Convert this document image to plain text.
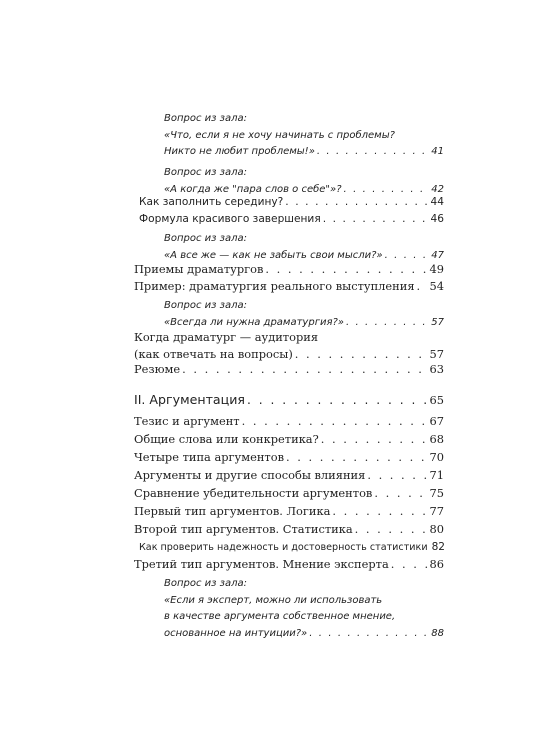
Вопрос из зала:
«Что, если я не хочу начинать с проблемы?
Никто не любит проблемы!» . . .	41
Вопрос из зала:
«А когда же "пара слов о себе"»? . . .	42
Как заполнить середину? . . .	44
Формула красивого завершения . . .	46
Вопрос из зала:
«А все же — как не забыть свои мысли?» . . .	47
Приемы драматургов . . .	49
Пример: драматургия реального выступления . . . 54
Вопрос из зала:
«Всегда ли нужна драматургия?» . . .	57
Когда драматург — аудитория
(как отвечать на вопросы) . . .	57
Резюме . . .	63
II. Аргументация . . .	65
Тезис и аргумент . . .	67
Общие слова или конкретика? . . .	68
Четыре типа аргументов . . .	70
Аргументы и другие способы влияния . . .	71
Сравнение убедительности аргументов . . .	75
Первый тип аргументов. Логика . . .	77
Второй тип аргументов. Статистика . . .	80
Как проверить надежность и достоверность статистики 82
Третий тип аргументов. Мнение эксперта . . .	86
Вопрос из зала:
«Если я эксперт, можно ли использовать
в качестве аргумента собственное мнение,
основанное на интуиции?» . . .	88
